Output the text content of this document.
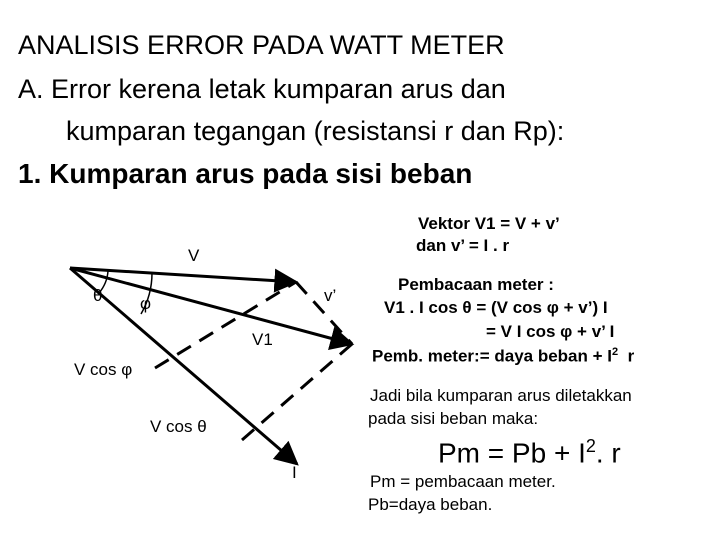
ANALISIS ERROR PADA WATT METER
A. Error kerena letak kumparan arus dan
kumparan tegangan (resistansi r dan Rp):
1. Kumparan arus pada sisi beban
V
θ φ	v’
V1
V cos φ
V cos θ
I
Vektor V1 = V + v’
dan v’ = I . r
Pembacaan meter :
V1 . I cos θ = (V cos φ + v’) I
= V I cos φ + v’ I
Pemb. meter:= daya beban + $I^2$ r
Jadi bila kumparan arus diletakkan
pada sisi beban maka:
$Pm = Pb + I^2$. r
Pm = pembacaan meter.
Pb=daya beban.
